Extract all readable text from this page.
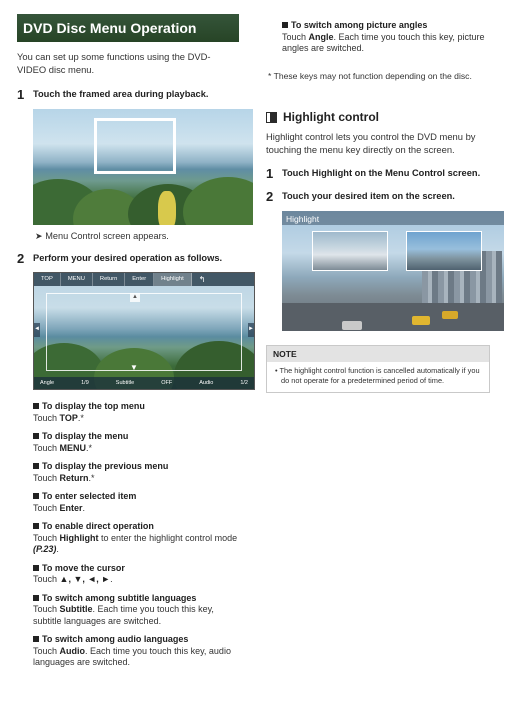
DVD Disc Menu Operation

You can set up some functions using the DVD-VIDEO disc menu.

1 Touch the framed area during playback.

➤ Menu Control screen appears.

2 Perform your desired operation as follows.
TOP	MENU	Return	Enter	Highlight	↰
▲
▼
◄	►
Angle	1/9	Subtitle	OFF	Audio	1/2
To display the top menu
Touch TOP.*
To display the menu
Touch MENU.*
To display the previous menu
Touch Return.*
To enter selected item
Touch Enter.
To enable direct operation
Touch Highlight to enter the highlight control mode (P.23).
To move the cursor
Touch ▲, ▼, ◄, ►.
To switch among subtitle languages
Touch Subtitle. Each time you touch this key, subtitle languages are switched.
To switch among audio languages
Touch Audio. Each time you touch this key, audio languages are switched.
To switch among picture angles
Touch Angle. Each time you touch this key, picture angles are switched.

* These keys may not function depending on the disc.

Highlight control

Highlight control lets you control the DVD menu by touching the menu key directly on the screen.

1 Touch Highlight on the Menu Control screen.
2 Touch your desired item on the screen.
Highlight
NOTE
• The highlight control function is cancelled automatically if you do not operate for a predetermined period of time.
